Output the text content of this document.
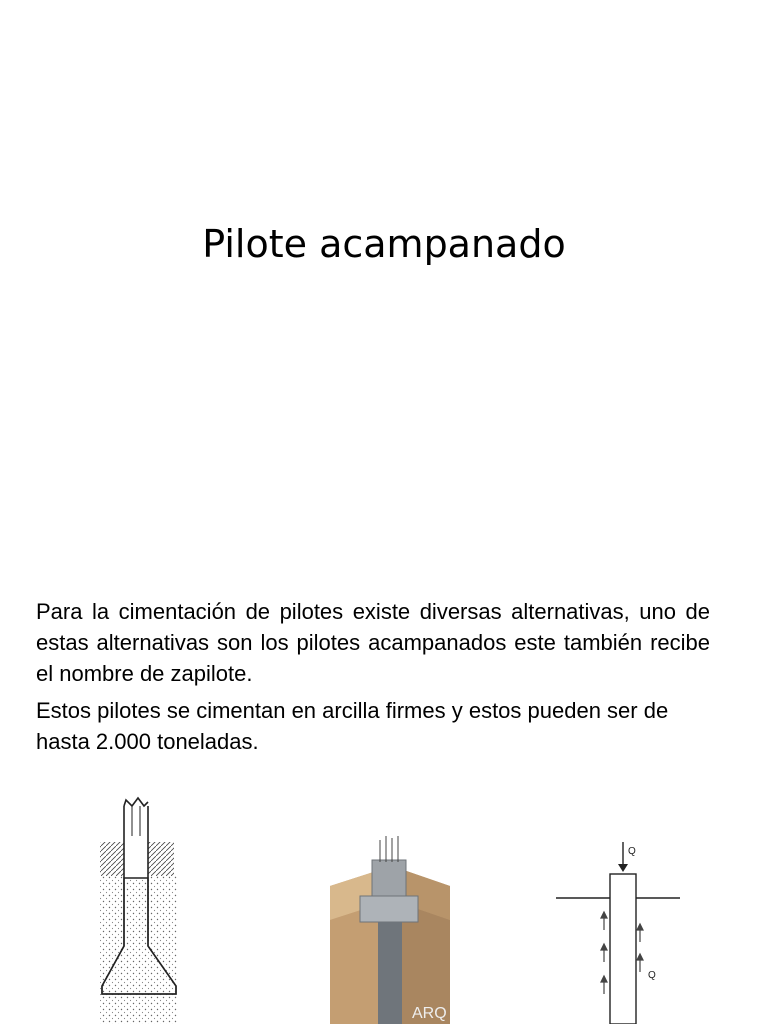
Pilote acampanado

Para la cimentación de pilotes existe diversas alternativas, uno de estas alternativas son los pilotes acampanados este también recibe el nombre de zapilote.

Estos pilotes se cimentan en arcilla firmes y estos pueden ser de hasta 2.000 toneladas.

ARQ
Q
Q
